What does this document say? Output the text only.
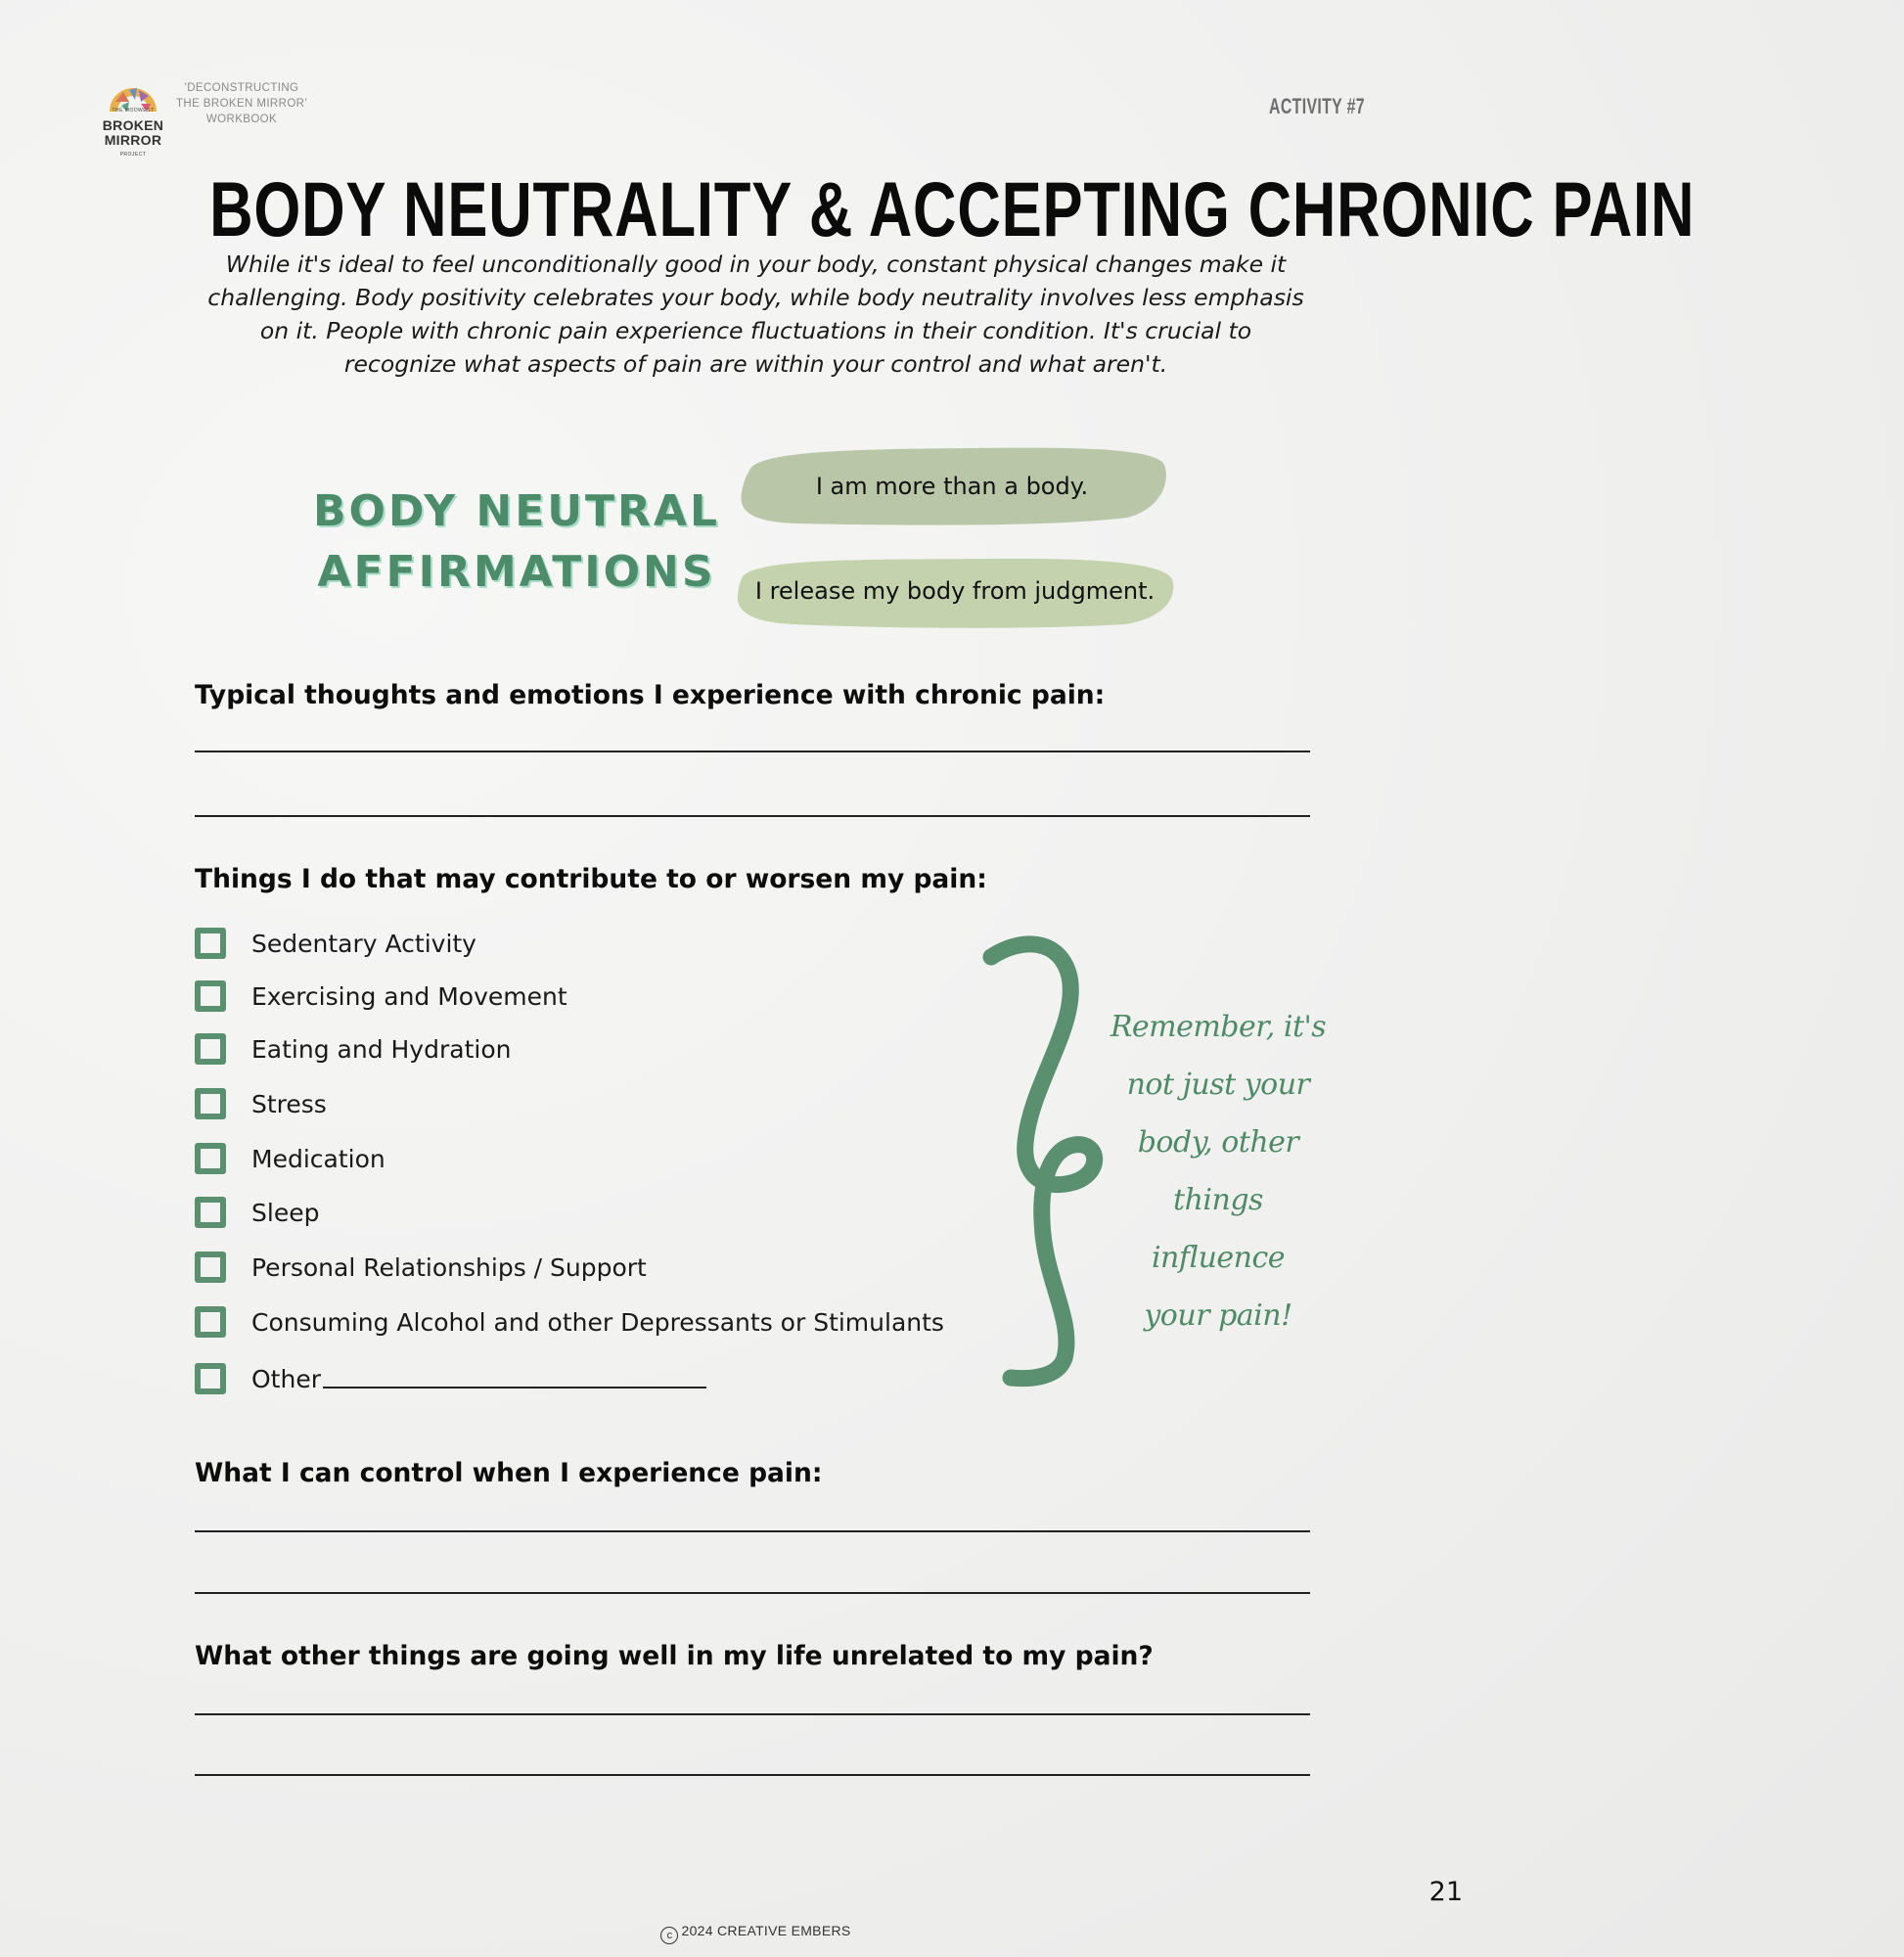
THE MODWEST
BROKEN
MIRROR
PROJECT
'DECONSTRUCTING
THE BROKEN MIRROR'
WORKBOOK
ACTIVITY #7
BODY NEUTRALITY & ACCEPTING CHRONIC PAIN
While it's ideal to feel unconditionally good in your body, constant physical changes make it
challenging. Body positivity celebrates your body, while body neutrality involves less emphasis
on it. People with chronic pain experience fluctuations in their condition. It's crucial to
recognize what aspects of pain are within your control and what aren't.
BODY NEUTRAL
AFFIRMATIONS
I am more than a body.
I release my body from judgment.
Typical thoughts and emotions I experience with chronic pain:
Things I do that may contribute to or worsen my pain:
Sedentary Activity
Exercising and Movement
Eating and Hydration
Stress
Medication
Sleep
Personal Relationships / Support
Consuming Alcohol and other Depressants or Stimulants
Other
Remember, it's
not just your
body, other
things influence
your pain!
What I can control when I experience pain:
What other things are going well in my life unrelated to my pain?
21
c 2024 CREATIVE EMBERS
